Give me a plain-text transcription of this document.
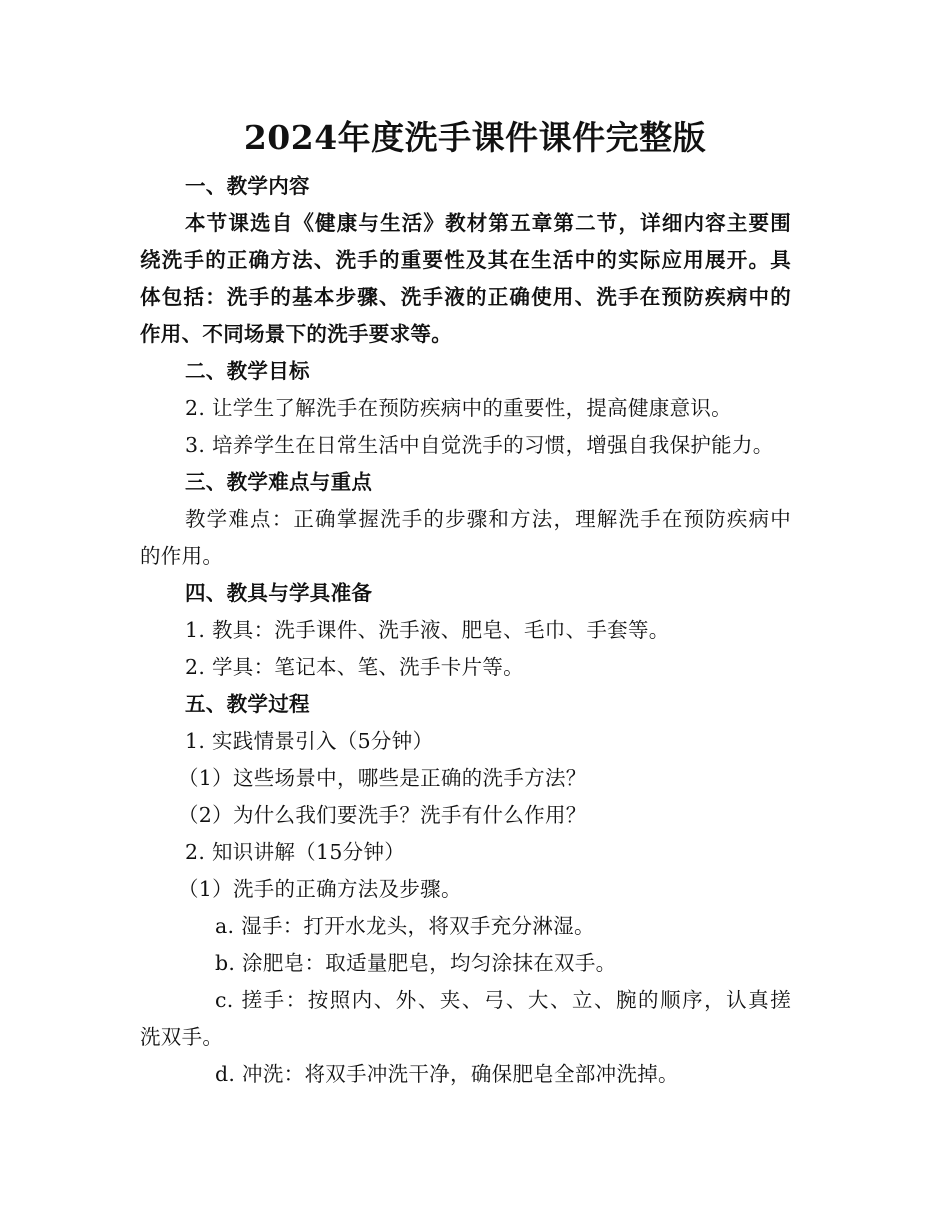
2024年度洗手课件课件完整版
一、教学内容
本节课选自《健康与生活》教材第五章第二节，详细内容主要围
绕洗手的正确方法、洗手的重要性及其在生活中的实际应用展开。具
体包括：洗手的基本步骤、洗手液的正确使用、洗手在预防疾病中的
作用、不同场景下的洗手要求等。
二、教学目标
2. 让学生了解洗手在预防疾病中的重要性，提高健康意识。
3. 培养学生在日常生活中自觉洗手的习惯，增强自我保护能力。
三、教学难点与重点
教学难点：正确掌握洗手的步骤和方法，理解洗手在预防疾病中
的作用。
四、教具与学具准备
1. 教具：洗手课件、洗手液、肥皂、毛巾、手套等。
2. 学具：笔记本、笔、洗手卡片等。
五、教学过程
1. 实践情景引入（5分钟）
（1）这些场景中，哪些是正确的洗手方法？
（2）为什么我们要洗手？洗手有什么作用？
2. 知识讲解（15分钟）
（1）洗手的正确方法及步骤。
a. 湿手：打开水龙头，将双手充分淋湿。
b. 涂肥皂：取适量肥皂，均匀涂抹在双手。
c. 搓手：按照内、外、夹、弓、大、立、腕的顺序，认真搓
洗双手。
d. 冲洗：将双手冲洗干净，确保肥皂全部冲洗掉。
